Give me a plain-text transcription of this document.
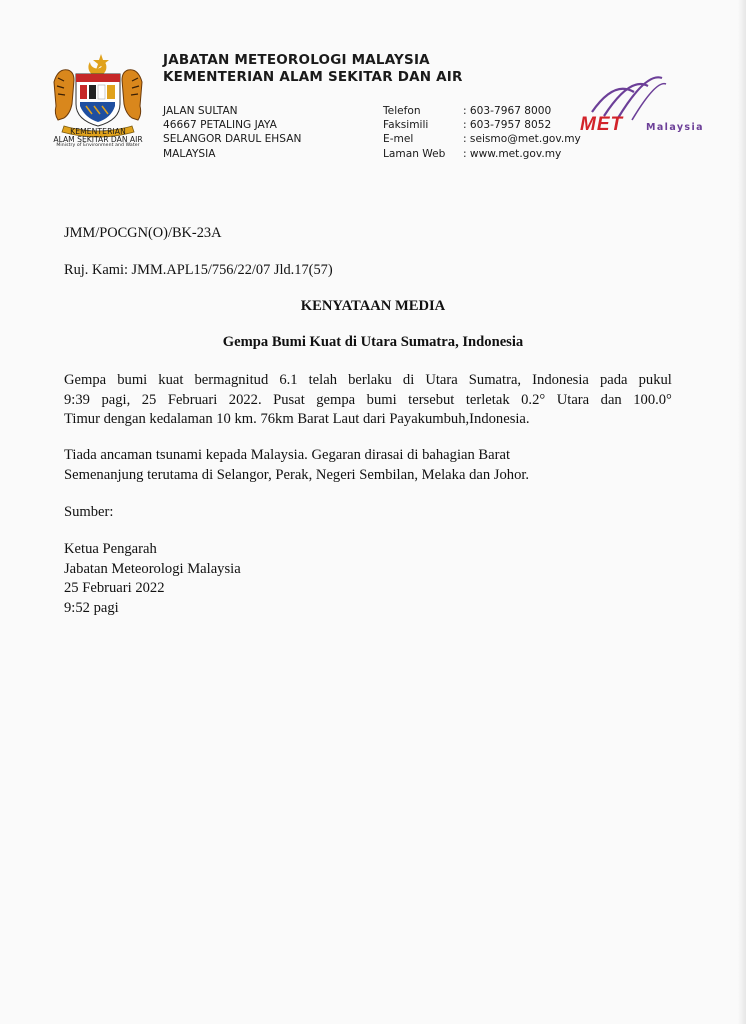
KEMENTERIAN
ALAM SEKITAR DAN AIR
Ministry of Environment and Water
JABATAN METEOROLOGI MALAYSIA
KEMENTERIAN ALAM SEKITAR DAN AIR
JALAN SULTAN
46667 PETALING JAYA
SELANGOR DARUL EHSAN
MALAYSIA
Telefon	: 603-7967 8000
Faksimili	: 603-7957 8052
E-mel	: seismo@met.gov.my
Laman Web	: www.met.gov.my
MET Malaysia
JMM/POCGN(O)/BK-23A
Ruj. Kami: JMM.APL15/756/22/07 Jld.17(57)
KENYATAAN MEDIA
Gempa Bumi Kuat di Utara Sumatra, Indonesia
Gempa bumi kuat bermagnitud 6.1 telah berlaku di Utara Sumatra, Indonesia pada pukul
9:39 pagi, 25 Februari 2022. Pusat gempa bumi tersebut terletak 0.2° Utara dan 100.0°
Timur dengan kedalaman 10 km. 76km Barat Laut dari Payakumbuh,Indonesia.
Tiada ancaman tsunami kepada Malaysia. Gegaran dirasai di bahagian Barat
Semenanjung terutama di Selangor, Perak, Negeri Sembilan, Melaka dan Johor.
Sumber:
Ketua Pengarah
Jabatan Meteorologi Malaysia
25 Februari 2022
9:52 pagi
